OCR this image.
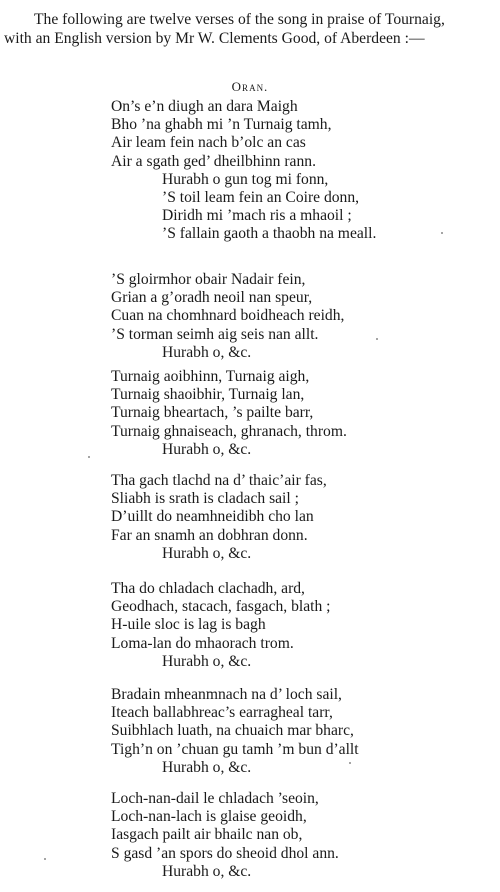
The following are twelve verses of the song in praise of Tournaig,
with an English version by Mr W. Clements Good, of Aberdeen :—
Oran.
On’s e’n diugh an dara Maigh
Bho ’na ghabh mi ’n Turnaig tamh,
Air leam fein nach b’olc an cas
Air a sgath ged’ dheilbhinn rann.
Hurabh o gun tog mi fonn,
’S toil leam fein an Coire donn,
Diridh mi ’mach ris a mhaoil ;
’S fallain gaoth a thaobh na meall.
’S gloirmhor obair Nadair fein,
Grian a g’oradh neoil nan speur,
Cuan na chomhnard boidheach reidh,
’S torman seimh aig seis nan allt.
Hurabh o, &c.
Turnaig aoibhinn, Turnaig aigh,
Turnaig shaoibhir, Turnaig lan,
Turnaig bheartach, ’s pailte barr,
Turnaig ghnaiseach, ghranach, throm.
Hurabh o, &c.
Tha gach tlachd na d’ thaic’air fas,
Sliabh is srath is cladach sail ;
D’uillt do neamhneidibh cho lan
Far an snamh an dobhran donn.
Hurabh o, &c.
Tha do chladach clachadh, ard,
Geodhach, stacach, fasgach, blath ;
H-uile sloc is lag is bagh
Loma-lan do mhaorach trom.
Hurabh o, &c.
Bradain mheanmnach na d’ loch sail,
Iteach ballabhreac’s earragheal tarr,
Suibhlach luath, na chuaich mar bharc,
Tigh’n on ’chuan gu tamh ’m bun d’allt
Hurabh o, &c.
Loch-nan-dail le chladach ’seoin,
Loch-nan-lach is glaise geoidh,
Iasgach pailt air bhailc nan ob,
S gasd ’an spors do sheoid dhol ann.
Hurabh o, &c.
